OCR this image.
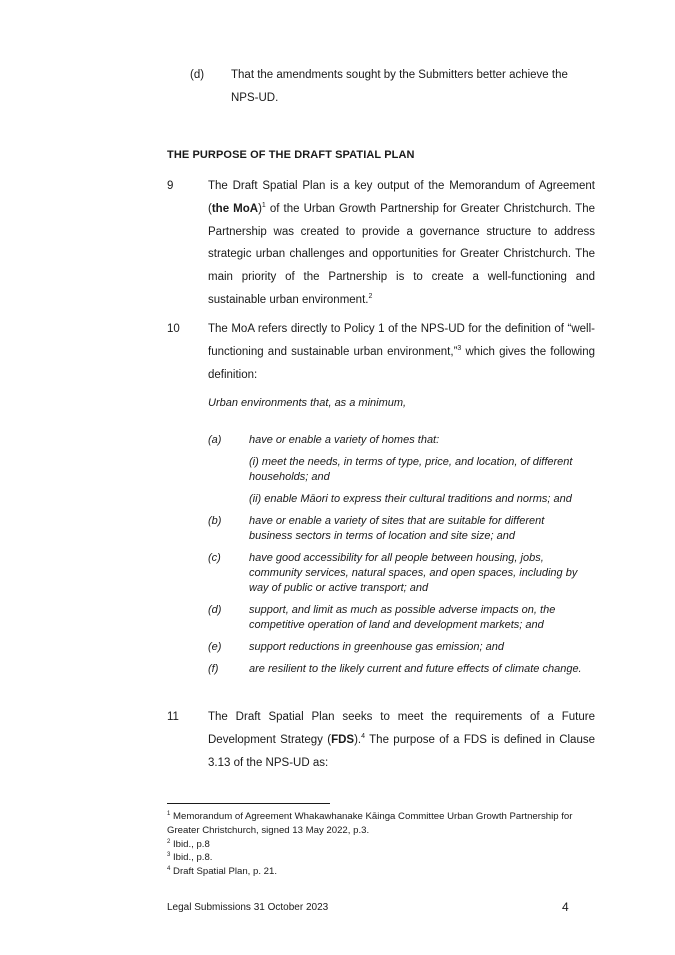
(d) That the amendments sought by the Submitters better achieve the NPS-UD.
THE PURPOSE OF THE DRAFT SPATIAL PLAN
9	The Draft Spatial Plan is a key output of the Memorandum of Agreement (the MoA)$^1$ of the Urban Growth Partnership for Greater Christchurch. The Partnership was created to provide a governance structure to address strategic urban challenges and opportunities for Greater Christchurch. The main priority of the Partnership is to create a well-functioning and sustainable urban environment.$^2$
10 The MoA refers directly to Policy 1 of the NPS-UD for the definition of “well-functioning and sustainable urban environment,”$^3$ which gives the following definition:
Urban environments that, as a minimum,
(a)	have or enable a variety of homes that:
(i) meet the needs, in terms of type, price, and location, of different households; and
(ii) enable Māori to express their cultural traditions and norms; and
(b)	have or enable a variety of sites that are suitable for different business sectors in terms of location and site size; and
(c)	have good accessibility for all people between housing, jobs, community services, natural spaces, and open spaces, including by way of public or active transport; and
(d)	support, and limit as much as possible adverse impacts on, the competitive operation of land and development markets; and
(e)	support reductions in greenhouse gas emission; and
(f)	are resilient to the likely current and future effects of climate change.
11	The Draft Spatial Plan seeks to meet the requirements of a Future Development Strategy (FDS).$^4$ The purpose of a FDS is defined in Clause 3.13 of the NPS-UD as:
$^1$ Memorandum of Agreement Whakawhanake Kāinga Committee Urban Growth Partnership for Greater Christchurch, signed 13 May 2022, p.3.
$^2$ Ibid., p.8
$^3$ Ibid., p.8.
$^4$ Draft Spatial Plan, p. 21.
Legal Submissions 31 October 2023	4
